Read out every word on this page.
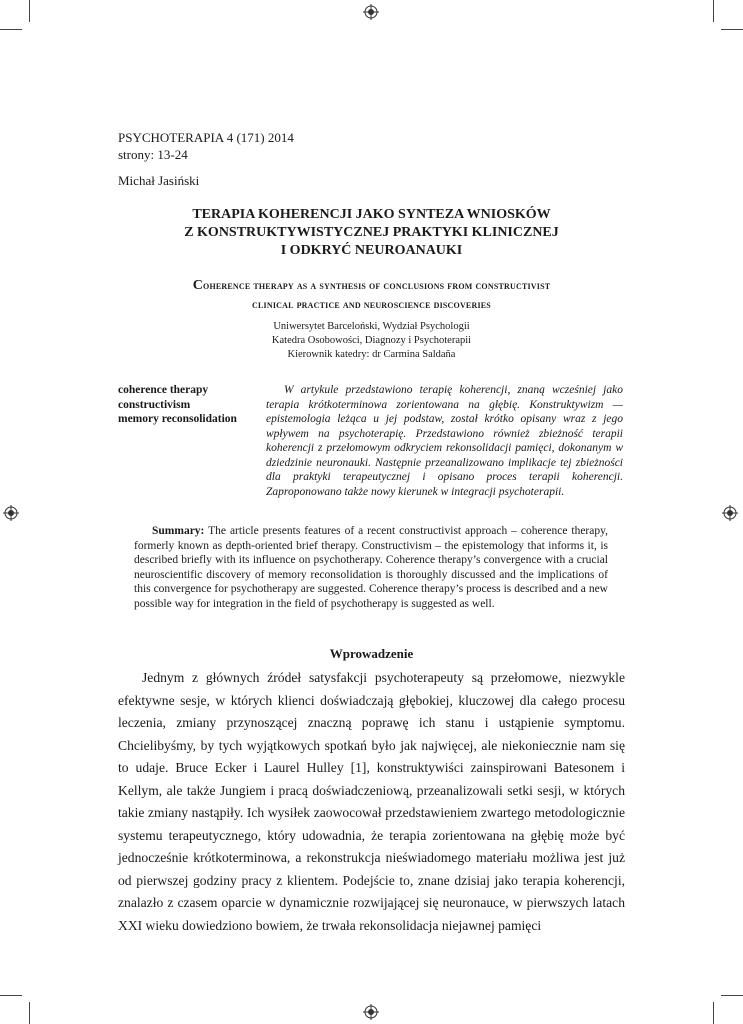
PSYCHOTERAPIA 4 (171) 2014
strony: 13-24
Michał Jasiński
TERAPIA KOHERENCJI JAKO SYNTEZA WNIOSKÓW
Z KONSTRUKTYWISTYCZNEJ PRAKTYKI KLINICZNEJ
I ODKRYĆ NEUROANAUKI
Coherence therapy as a synthesis of conclusions from constructivist
clinical practice and neuroscience discoveries
Uniwersytet Barceloński, Wydział Psychologii
Katedra Osobowości, Diagnozy i Psychoterapii
Kierownik katedry: dr Carmina Saldaña
coherence therapy
constructivism
memory reconsolidation
W artykule przedstawiono terapię koherencji, znaną wcześniej jako terapia krótkoterminowa zorientowana na głębię. Konstruktywizm — epistemologia leżąca u jej podstaw, został krótko opisany wraz z jego wpływem na psychoterapię. Przedstawiono również zbieżność terapii koherencji z przełomowym odkryciem rekonsolidacji pamięci, dokonanym w dziedzinie neuronauki. Następnie przeanalizowano implikacje tej zbieżności dla praktyki terapeutycznej i opisano proces terapii koherencji. Zaproponowano także nowy kierunek w integracji psychoterapii.
Summary: The article presents features of a recent constructivist approach – coherence therapy, formerly known as depth-oriented brief therapy. Constructivism – the epistemology that informs it, is described briefly with its influence on psychotherapy. Coherence therapy’s convergence with a crucial neuroscientific discovery of memory reconsolidation is thoroughly discussed and the implications of this convergence for psychotherapy are suggested. Coherence therapy’s process is described and a new possible way for integration in the field of psychotherapy is suggested as well.
Wprowadzenie
Jednym z głównych źródeł satysfakcji psychoterapeuty są przełomowe, niezwykle efektywne sesje, w których klienci doświadczają głębokiej, kluczowej dla całego procesu leczenia, zmiany przynoszącej znaczną poprawę ich stanu i ustąpienie symptomu. Chcielibyśmy, by tych wyjątkowych spotkań było jak najwięcej, ale niekoniecznie nam się to udaje. Bruce Ecker i Laurel Hulley [1], konstruktywiści zainspirowani Batesonem i Kellym, ale także Jungiem i pracą doświadczeniową, przeanalizowali setki sesji, w których takie zmiany nastąpiły. Ich wysiłek zaowocował przedstawieniem zwartego metodologicznie systemu terapeutycznego, który udowadnia, że terapia zorientowana na głębię może być jednocześnie krótkoterminowa, a rekonstrukcja nieświadomego materiału możliwa jest już od pierwszej godziny pracy z klientem. Podejście to, znane dzisiaj jako terapia koherencji, znalazło z czasem oparcie w dynamicznie rozwijającej się neuronauce, w pierwszych latach XXI wieku dowiedziono bowiem, że trwała rekonsolidacja niejawnej pamięci
